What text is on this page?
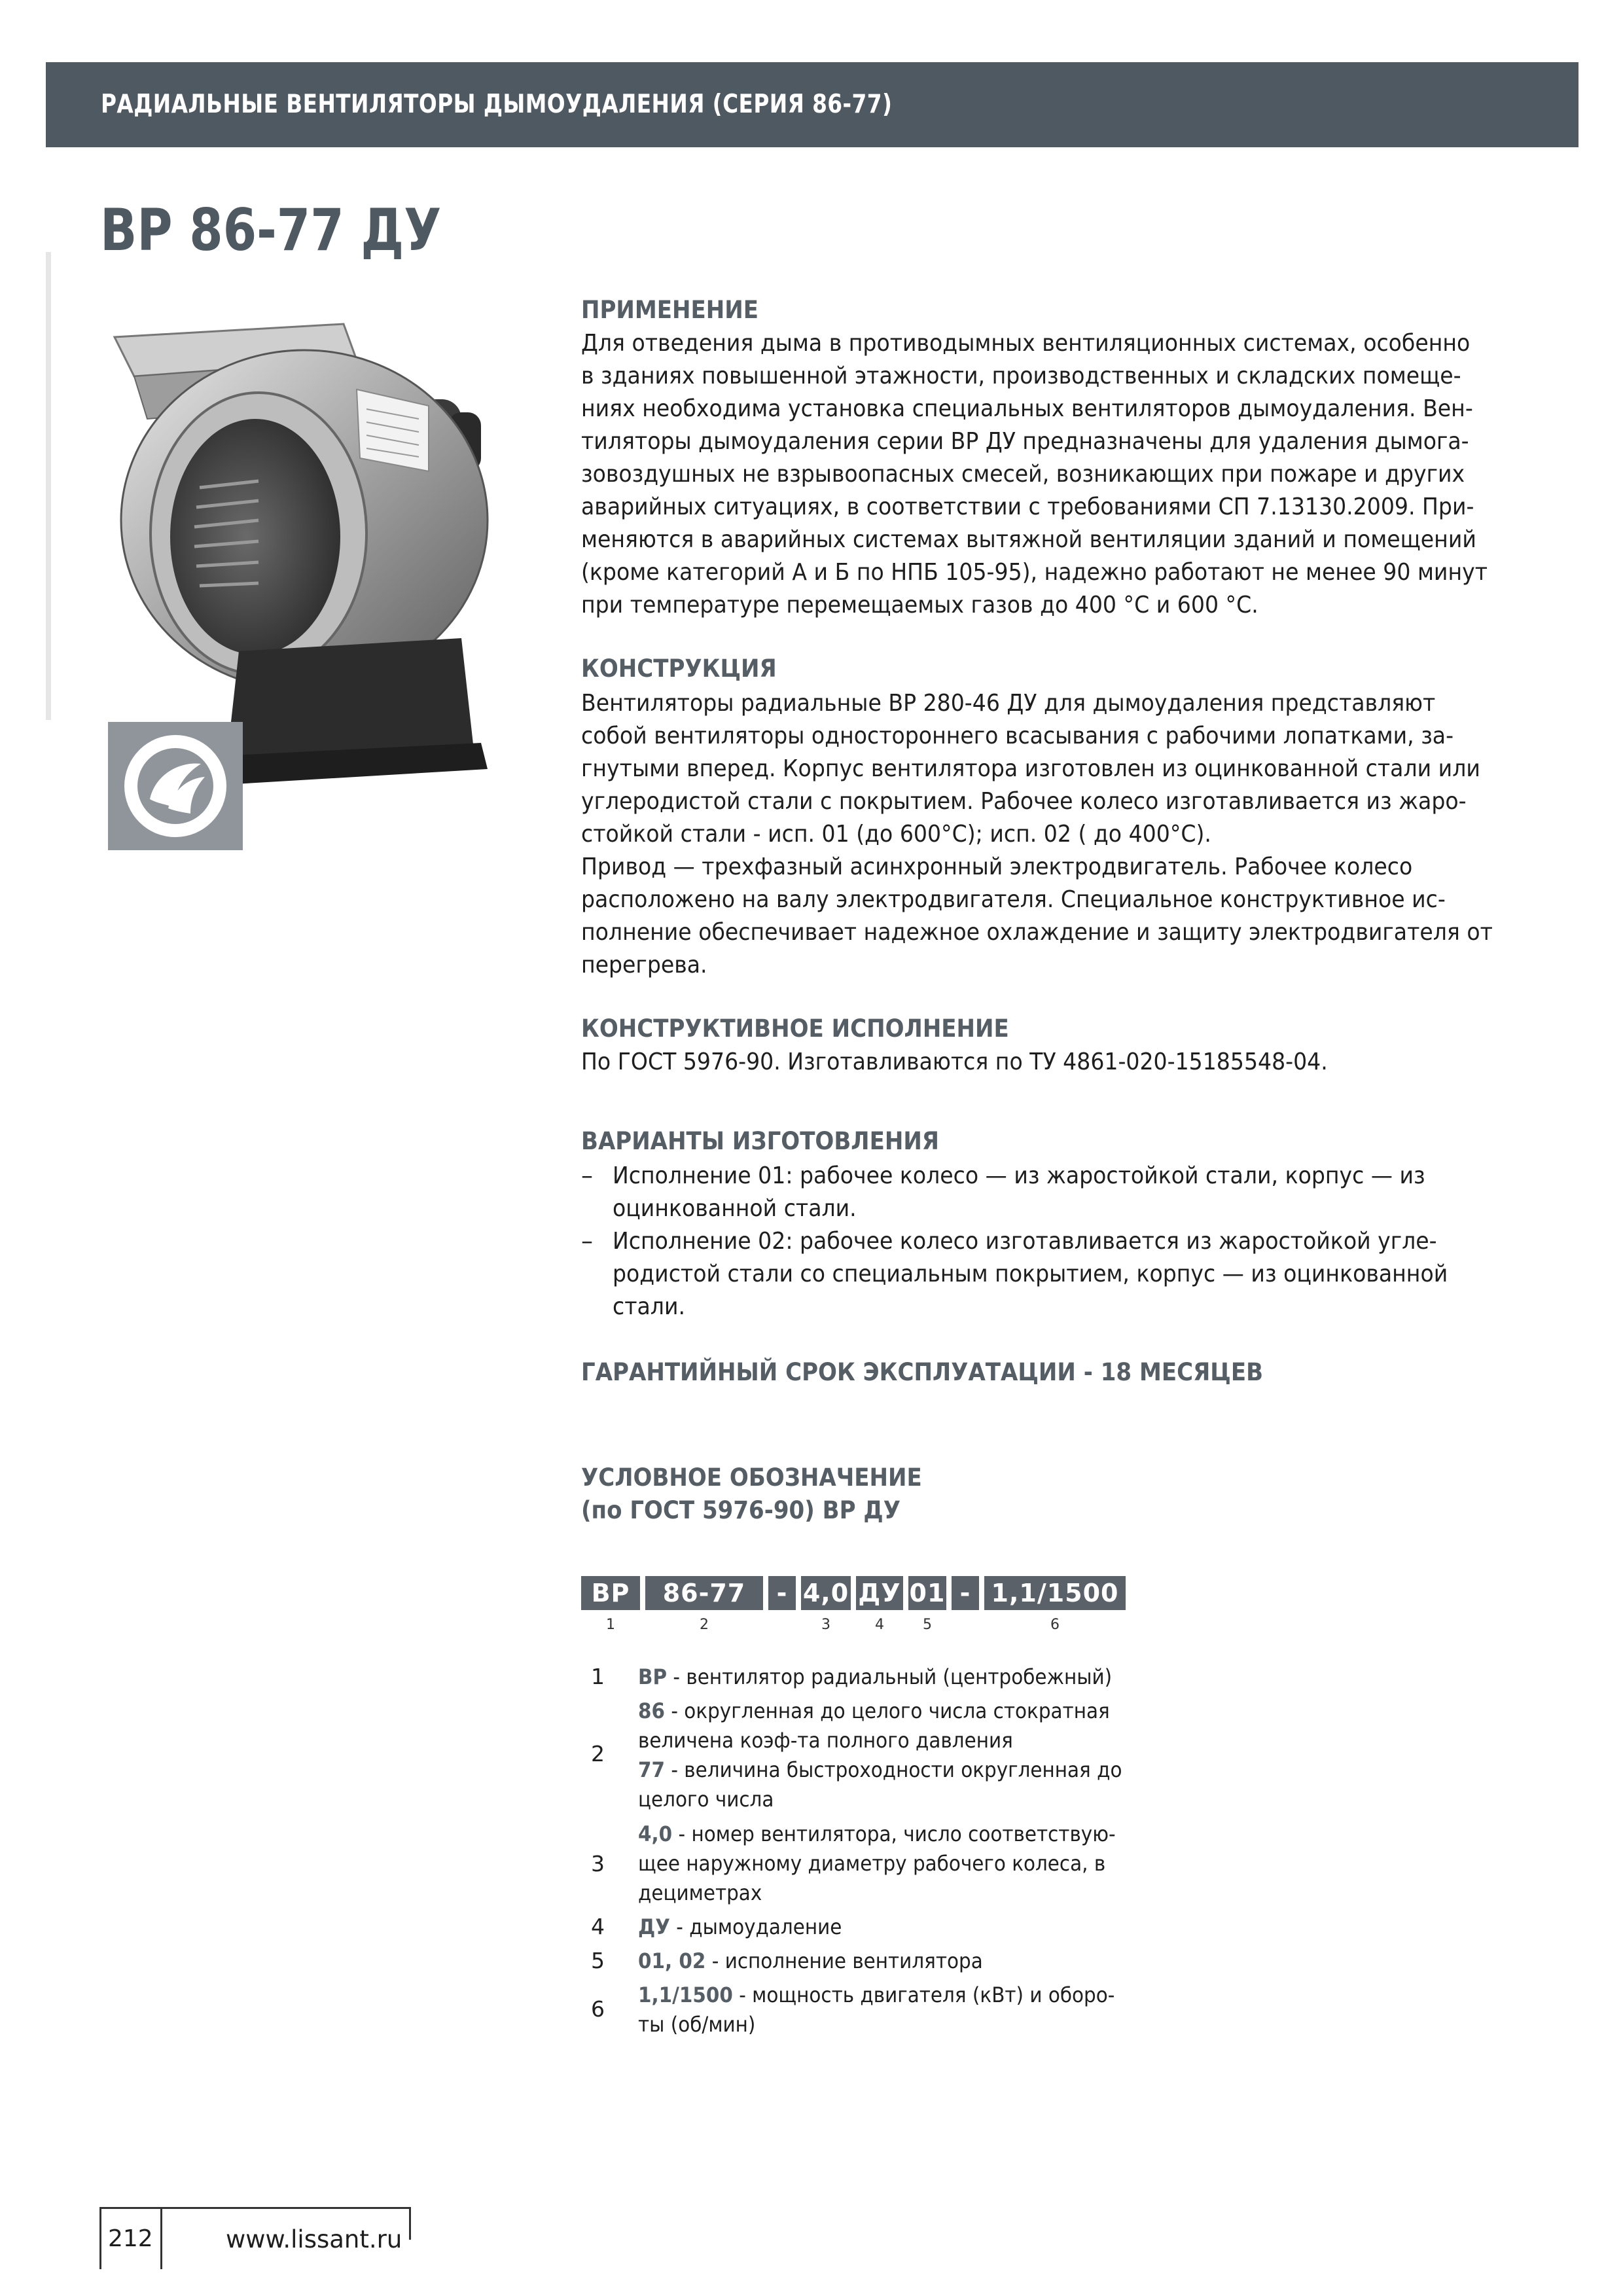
РАДИАЛЬНЫЕ ВЕНТИЛЯТОРЫ ДЫМОУДАЛЕНИЯ (СЕРИЯ 86-77)
ВР 86-77 ДУ
ПРИМЕНЕНИЕ
Для отведения дыма в противодымных вентиляционных системах, особенно
в зданиях повышенной этажности, производственных и складских помеще-
ниях необходима установка специальных вентиляторов дымоудаления. Вен-
тиляторы дымоудаления серии ВР ДУ предназначены для удаления дымога-
зовоздушных не взрывоопасных смесей, возникающих при пожаре и других
аварийных ситуациях, в соответствии с требованиями СП 7.13130.2009. При-
меняются в аварийных системах вытяжной вентиляции зданий и помещений
(кроме категорий А и Б по НПБ 105-95), надежно работают не менее 90 минут
при температуре перемещаемых газов до 400 °С и 600 °С.
КОНСТРУКЦИЯ
Вентиляторы радиальные ВР 280-46 ДУ для дымоудаления представляют
собой вентиляторы одностороннего всасывания с рабочими лопатками, за-
гнутыми вперед. Корпус вентилятора изготовлен из оцинкованной стали или
углеродистой стали с покрытием. Рабочее колесо изготавливается из жаро-
стойкой стали - исп. 01 (до 600°С); исп. 02 ( до 400°С).
Привод — трехфазный асинхронный электродвигатель. Рабочее колесо
расположено на валу электродвигателя. Специальное конструктивное ис-
полнение обеспечивает надежное охлаждение и защиту электродвигателя от
перегрева.
КОНСТРУКТИВНОЕ ИСПОЛНЕНИЕ
По ГОСТ 5976-90. Изготавливаются по ТУ 4861-020-15185548-04.
ВАРИАНТЫ ИЗГОТОВЛЕНИЯ
– Исполнение 01: рабочее колесо — из жаростойкой стали, корпус — из
оцинкованной стали.
– Исполнение 02: рабочее колесо изготавливается из жаростойкой угле-
родистой стали со специальным покрытием, корпус — из оцинкованной
стали.
ГАРАНТИЙНЫЙ СРОК ЭКСПЛУАТАЦИИ - 18 МЕСЯЦЕВ
УСЛОВНОЕ ОБОЗНАЧЕНИЕ
(по ГОСТ 5976-90) ВР ДУ
ВР	86-77	- 4,0 ДУ 01 - 1,1/1500
1	2	3	4	5	6
1 ВР - вентилятор радиальный (центробежный)
2
86 - округленная до целого числа стократная
величена коэф-та полного давления
77 - величина быстроходности округленная до
целого числа
3
4,0 - номер вентилятора, число соответствую-
щее наружному диаметру рабочего колеса, в
дециметрах
4 ДУ - дымоудаление
5 01, 02 - исполнение вентилятора
6
1,1/1500 - мощность двигателя (кВт) и оборо-
ты (об/мин)
212	www.lissant.ru
